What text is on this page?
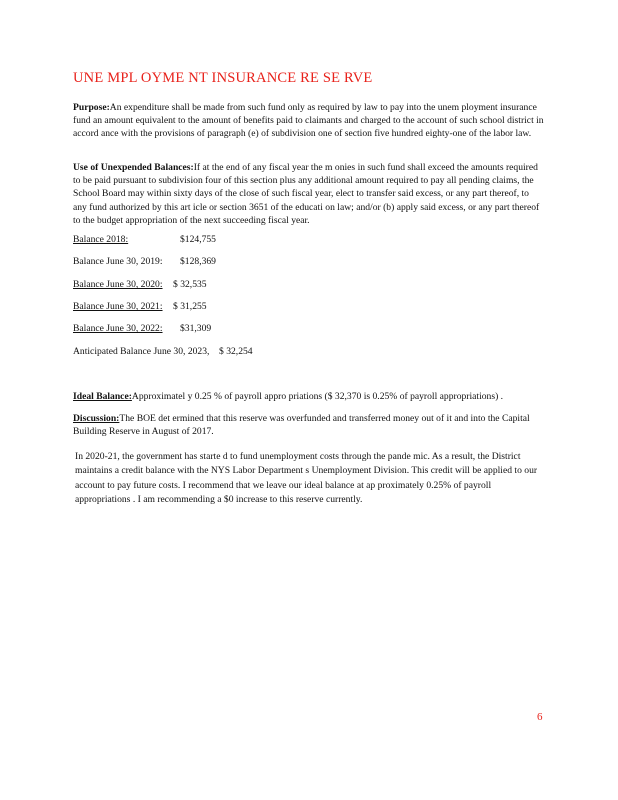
UNE MPL OYME NT INSURANCE RE SE RVE
Purpose:An expenditure shall be made from such fund only as required by law to pay into the unem ployment insurance fund an amount equivalent to the amount of benefits paid to claimants and charged to the account of such school district in accord ance with the provisions of paragraph (e) of subdivision one of section five hundred eighty-one of the labor law.
Use of Unexpended Balances:If at the end of any fiscal year the m onies in such fund shall exceed the amounts required to be paid pursuant to subdivision four of this section plus any additional amount required to pay all pending claims, the School Board may within sixty days of the close of such fiscal year, elect to transfer said excess, or any part thereof, to any fund authorized by this art icle or section 3651 of the educati on law; and/or (b) apply said excess, or any part thereof to the budget appropriation of the next succeeding fiscal year.
Balance 2018:	$124,755
Balance June 30, 2019: $128,369
Balance June 30, 2020: $ 32,535
Balance June 30, 2021: $ 31,255
Balance June 30, 2022: $31,309
Anticipated Balance June 30, 2023, $ 32,254
Ideal Balance:Approximatel y 0.25 % of payroll appro priations ($ 32,370 is 0.25% of payroll appropriations) .
Discussion:The BOE det ermined that this reserve was overfunded and transferred money out of it and into the Capital Building Reserve in August of 2017.
In 2020-21, the government has starte d to fund unemployment costs through the pande mic. As a result, the District maintains a credit balance with the NYS Labor Department s Unemployment Division. This credit will be applied to our account to pay future costs. I recommend that we leave our ideal balance at ap proximately 0.25% of payroll appropriations . I am recommending a $0 increase to this reserve currently.
6
